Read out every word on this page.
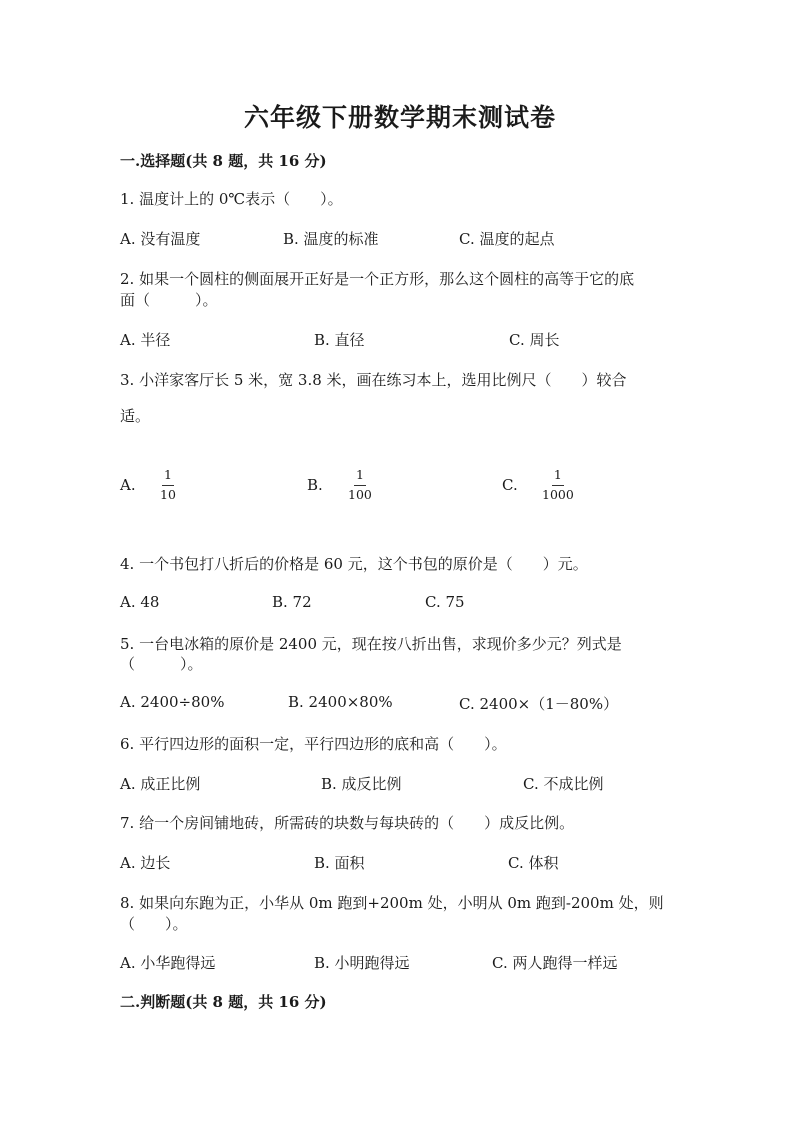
六年级下册数学期末测试卷
一.选择题(共 8 题，共 16 分)
1. 温度计上的 0℃表示（　　）。
A. 没有温度	B. 温度的标准	C. 温度的起点
2. 如果一个圆柱的侧面展开正好是一个正方形，那么这个圆柱的高等于它的底
面（　　　）。
A. 半径	B. 直径	C. 周长
3. 小洋家客厅长 5 米，宽 3.8 米，画在练习本上，选用比例尺（　　）较合
适。
A. $\frac{1}{10}$	B. $\frac{1}{100}$	C. $\frac{1}{1000}$
4. 一个书包打八折后的价格是 60 元，这个书包的原价是（　　）元。
A. 48	B. 72	C. 75
5. 一台电冰箱的原价是 2400 元，现在按八折出售，求现价多少元？列式是
（　　　）。
A. 2400÷80%	B. 2400×80%	C. 2400×（1－80%）
6. 平行四边形的面积一定，平行四边形的底和高（　　）。
A. 成正比例	B. 成反比例	C. 不成比例
7. 给一个房间铺地砖，所需砖的块数与每块砖的（　　）成反比例。
A. 边长	B. 面积	C. 体积
8. 如果向东跑为正，小华从 0m 跑到+200m 处，小明从 0m 跑到-200m 处，则
（　　）。
A. 小华跑得远	B. 小明跑得远	C. 两人跑得一样远
二.判断题(共 8 题，共 16 分)
